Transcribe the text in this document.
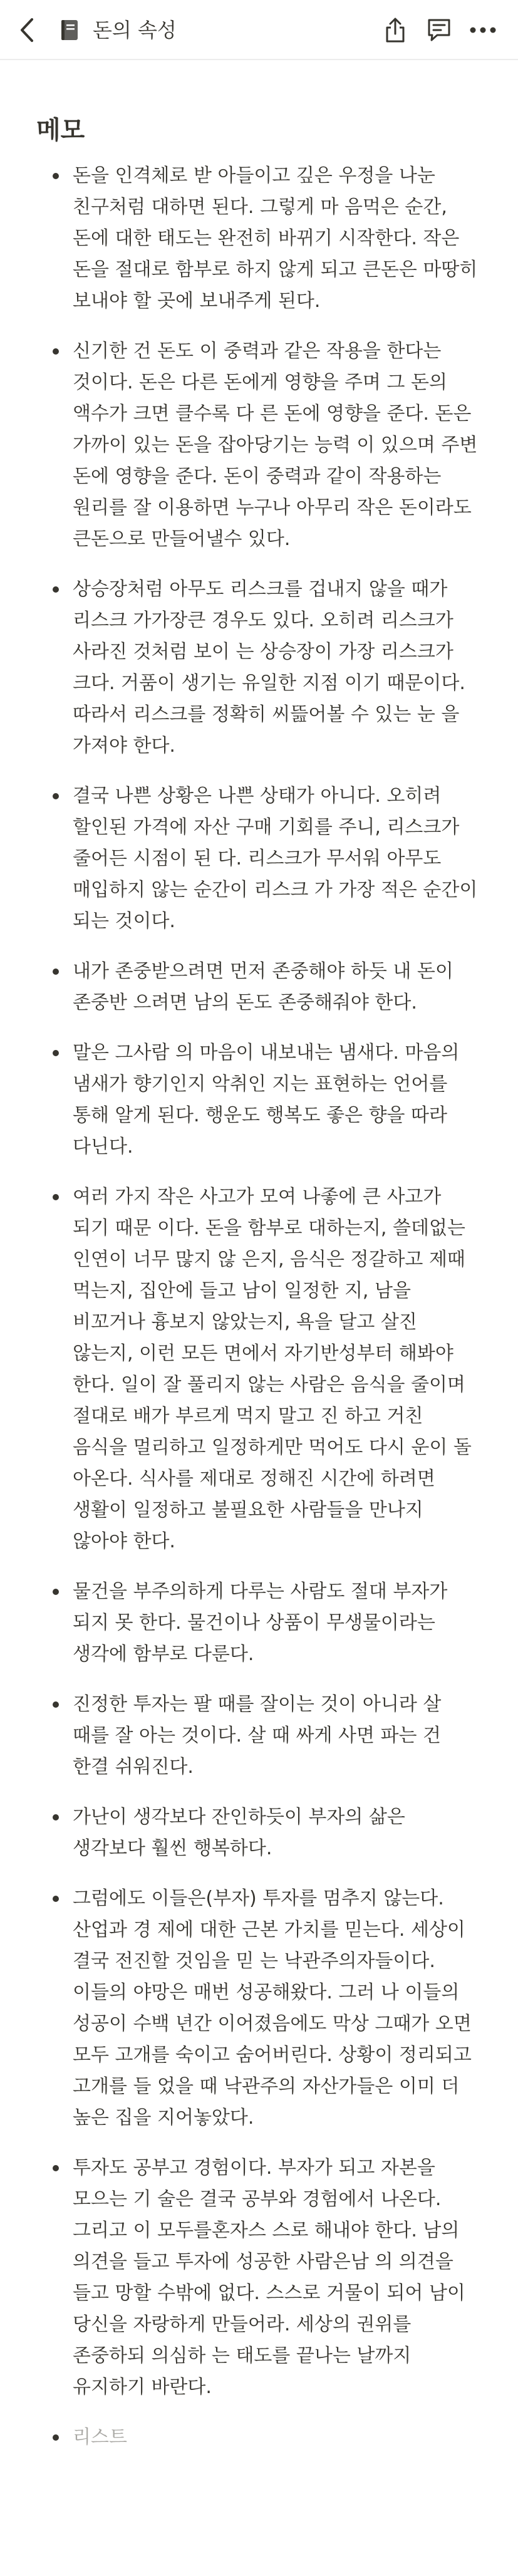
돈의 속성
메모
돈을 인격체로 받 아들이고 깊은 우정을 나눈 친구처럼 대하면 된다. 그렇게 마 음먹은 순간, 돈에 대한 태도는 완전히 바뀌기 시작한다. 작은 돈을 절대로 함부로 하지 않게 되고 큰돈은 마땅히 보내야 할 곳에 보내주게 된다.
신기한 건 돈도 이 중력과 같은 작용을 한다는 것이다. 돈은 다른 돈에게 영향을 주며 그 돈의 액수가 크면 클수록 다 른 돈에 영향을 준다. 돈은 가까이 있는 돈을 잡아당기는 능력 이 있으며 주변 돈에 영향을 준다. 돈이 중력과 같이 작용하는 원리를 잘 이용하면 누구나 아무리 작은 돈이라도 큰돈으로 만들어낼수 있다.
상승장처럼 아무도 리스크를 겁내지 않을 때가 리스크 가가장큰 경우도 있다. 오히려 리스크가 사라진 것처럼 보이 는 상승장이 가장 리스크가 크다. 거품이 생기는 유일한 지점 이기 때문이다. 따라서 리스크를 정확히 씨뜶어볼 수 있는 눈 을 가져야 한다.
결국 나쁜 상황은 나쁜 상태가 아니다. 오히려 할인된 가격에 자산 구매 기회를 주니, 리스크가 줄어든 시점이 된 다. 리스크가 무서워 아무도 매입하지 않는 순간이 리스크 가 가장 적은 순간이 되는 것이다.
내가 존중받으려면 먼저 존중해야 하듯 내 돈이 존중반 으려면 남의 돈도 존중해줘야 한다.
말은 그사람 의 마음이 내보내는 냄새다. 마음의 냄새가 향기인지 악취인 지는 표현하는 언어를 통해 알게 된다. 행운도 행복도 좋은 향을 따라 다닌다.
여러 가지 작은 사고가 모여 나좋에 큰 사고가 되기 때문 이다. 돈을 함부로 대하는지, 쓸데없는 인연이 너무 많지 않 은지, 음식은 정갈하고 제때 먹는지, 집안에 들고 남이 일정한 지, 남을 비꼬거나 흉보지 않았는지, 욕을 달고 살진 않는지, 이런 모든 면에서 자기반성부터 해봐야 한다. 일이 잘 풀리지 않는 사람은 음식을 줄이며 절대로 배가 부르게 먹지 말고 진 하고 거친 음식을 멀리하고 일정하게만 먹어도 다시 운이 돌 아온다. 식사를 제대로 정해진 시간에 하려면 생활이 일정하고 불필요한 사람들을 만나지 않아야 한다.
물건을 부주의하게 다루는 사람도 절대 부자가 되지 못 한다. 물건이나 상품이 무생물이라는 생각에 함부로 다룬다.
진정한 투자는 팔 때를 잘이는 것이 아니라 살 때를 잘 아는 것이다. 살 때 싸게 사면 파는 건 한결 쉬워진다.
가난이 생각보다 잔인하듯이 부자의 삶은 생각보다 훨씬 행복하다.
그럼에도 이들은(부자) 투자를 멈추지 않는다. 산업과 경 제에 대한 근본 가치를 믿는다. 세상이 결국 전진할 것임을 믿 는 낙관주의자들이다. 이들의 야망은 매번 성공해왔다. 그러 나 이들의 성공이 수백 년간 이어졌음에도 막상 그때가 오면 모두 고개를 숙이고 숨어버린다. 상황이 정리되고 고개를 들 었을 때 낙관주의 자산가들은 이미 더 높은 집을 지어놓았다.
투자도 공부고 경험이다. 부자가 되고 자본을 모으는 기 술은 결국 공부와 경험에서 나온다. 그리고 이 모두를혼자스 스로 해내야 한다. 남의 의견을 들고 투자에 성공한 사람은남 의 의견을 들고 망할 수밖에 없다. 스스로 거물이 되어 남이 당신을 자랑하게 만들어라. 세상의 권위를 존중하되 의심하 는 태도를 끝나는 날까지 유지하기 바란다.
리스트
